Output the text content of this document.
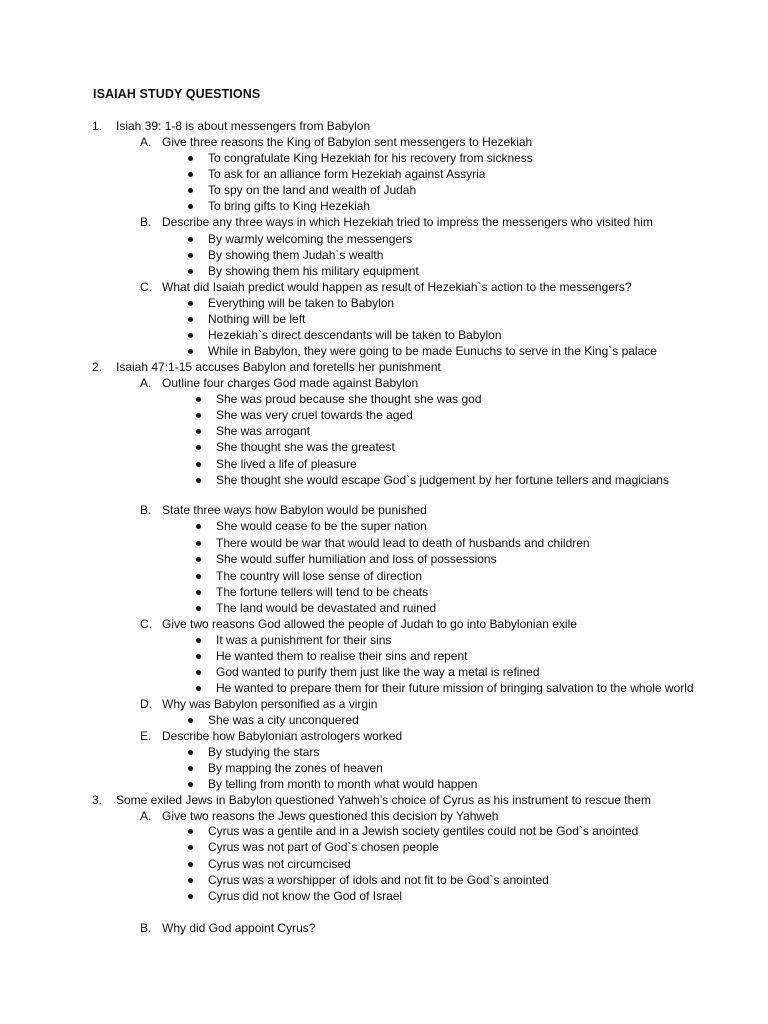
ISAIAH STUDY QUESTIONS
1. Isiah 39: 1-8 is about messengers from Babylon
A. Give three reasons the King of Babylon sent messengers to Hezekiah
To congratulate King Hezekiah for his recovery from sickness
To ask for an alliance form Hezekiah against Assyria
To spy on the land and wealth of Judah
To bring gifts to King Hezekiah
B. Describe any three ways in which Hezekiah tried to impress the messengers who visited him
By warmly welcoming the messengers
By showing them Judah`s wealth
By showing them his military equipment
C. What did Isaiah predict would happen as result of Hezekiah`s action to the messengers?
Everything will be taken to Babylon
Nothing will be left
Hezekiah`s direct descendants will be taken to Babylon
While in Babylon, they were going to be made Eunuchs to serve in the King`s palace
2. Isaiah 47:1-15 accuses Babylon and foretells her punishment
A. Outline four charges God made against Babylon
She was proud because she thought she was god
She was very cruel towards the aged
She was arrogant
She thought she was the greatest
She lived a life of pleasure
She thought she would escape God`s judgement by her fortune tellers and magicians
B. State three ways how Babylon would be punished
She would cease to be the super nation
There would be war that would lead to death of husbands and children
She would suffer humiliation and loss of possessions
The country will lose sense of direction
The fortune tellers will tend to be cheats
The land would be devastated and ruined
C. Give two reasons God allowed the people of Judah to go into Babylonian exile
It was a punishment for their sins
He wanted them to realise their sins and repent
God wanted to purify them just like the way a metal is refined
He wanted to prepare them for their future mission of bringing salvation to the whole world
D. Why was Babylon personified as a virgin
She was a city unconquered
E. Describe how Babylonian astrologers worked
By studying the stars
By mapping the zones of heaven
By telling from month to month what would happen
3. Some exiled Jews in Babylon questioned Yahweh’s choice of Cyrus as his instrument to rescue them
A. Give two reasons the Jews questioned this decision by Yahweh
Cyrus was a gentile and in a Jewish society gentiles could not be God`s anointed
Cyrus was not part of God`s chosen people
Cyrus was not circumcised
Cyrus was a worshipper of idols and not fit to be God`s anointed
Cyrus did not know the God of Israel
B. Why did God appoint Cyrus?
